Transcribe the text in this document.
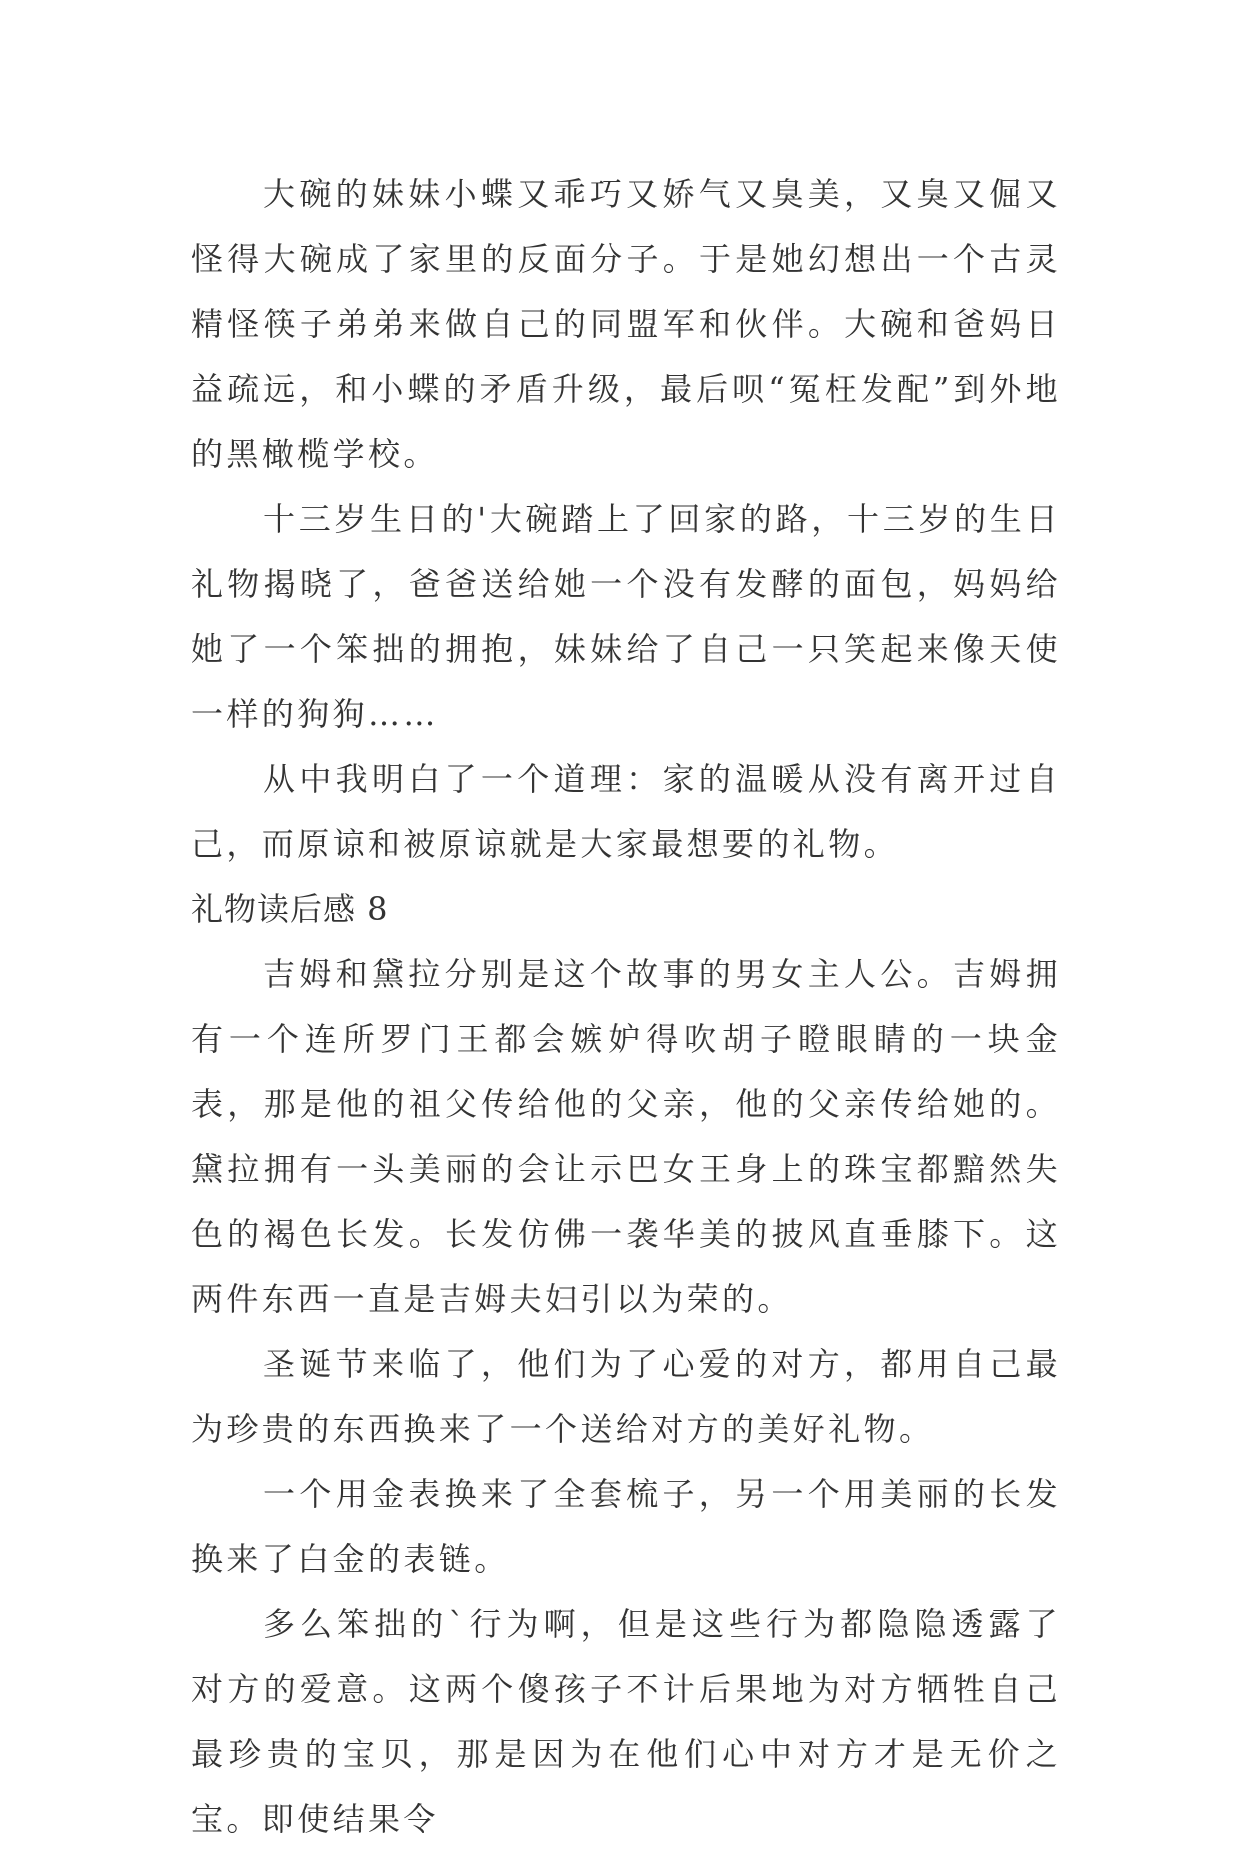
大碗的妹妹小蝶又乖巧又娇气又臭美，又臭又倔又怪得大碗成了家里的反面分子。于是她幻想出一个古灵精怪筷子弟弟来做自己的同盟军和伙伴。大碗和爸妈日益疏远，和小蝶的矛盾升级，最后呗“冤枉发配”到外地的黑橄榄学校。

十三岁生日的'大碗踏上了回家的路，十三岁的生日礼物揭晓了，爸爸送给她一个没有发酵的面包，妈妈给她了一个笨拙的拥抱，妹妹给了自己一只笑起来像天使一样的狗狗……

从中我明白了一个道理：家的温暖从没有离开过自己，而原谅和被原谅就是大家最想要的礼物。

礼物读后感 8

吉姆和黛拉分别是这个故事的男女主人公。吉姆拥有一个连所罗门王都会嫉妒得吹胡子瞪眼睛的一块金表，那是他的祖父传给他的父亲，他的父亲传给她的。黛拉拥有一头美丽的会让示巴女王身上的珠宝都黯然失色的褐色长发。长发仿佛一袭华美的披风直垂膝下。这两件东西一直是吉姆夫妇引以为荣的。

圣诞节来临了，他们为了心爱的对方，都用自己最为珍贵的东西换来了一个送给对方的美好礼物。

一个用金表换来了全套梳子，另一个用美丽的长发换来了白金的表链。

多么笨拙的`行为啊，但是这些行为都隐隐透露了对方的爱意。这两个傻孩子不计后果地为对方牺牲自己最珍贵的宝贝，那是因为在他们心中对方才是无价之宝。即使结果令
